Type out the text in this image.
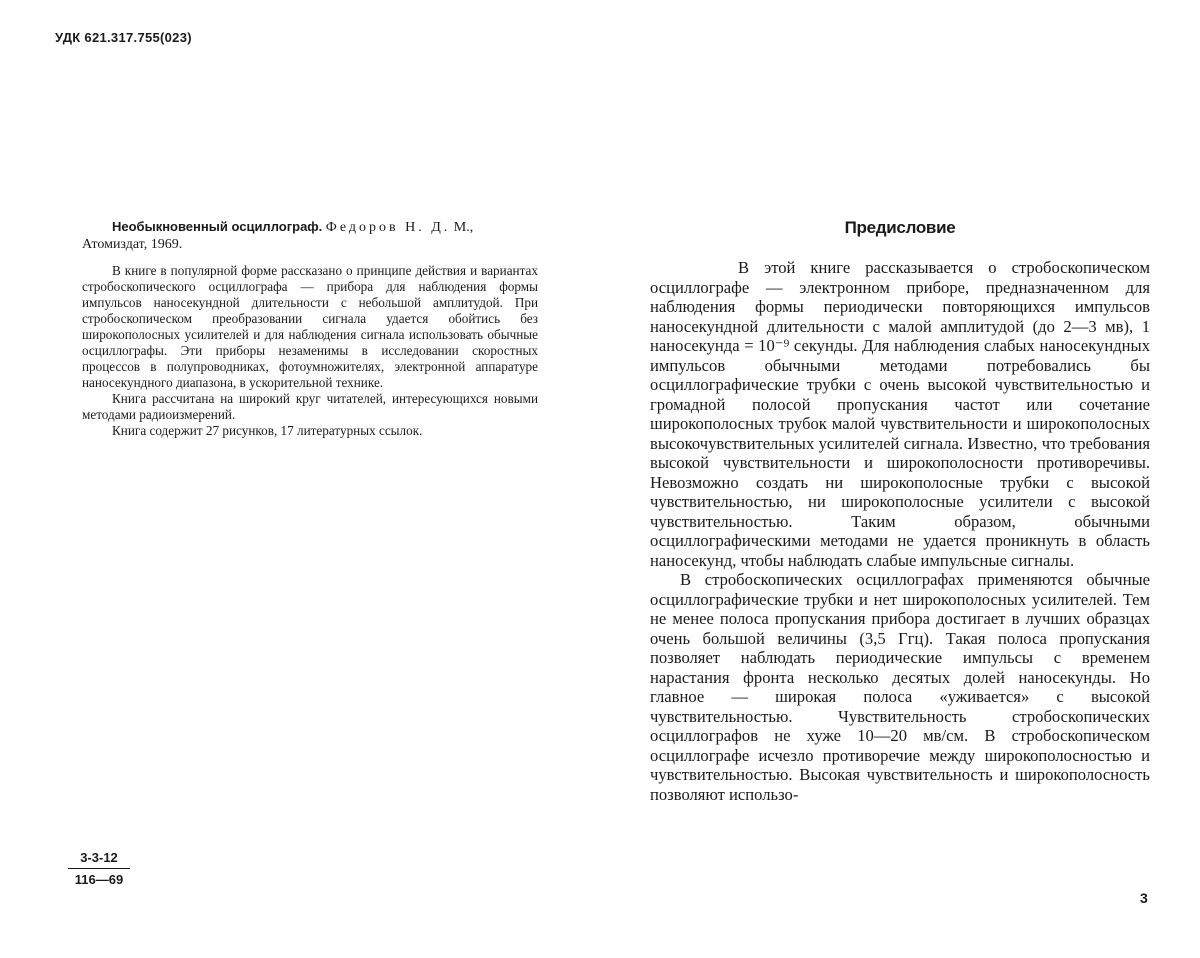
УДК 621.317.755(023)

Необыкновенный осциллограф. Федоров Н. Д. М., Атомиздат, 1969.

В книге в популярной форме рассказано о принципе действия и вариантах стробоскопического осциллографа — прибора для наблюдения формы импульсов наносекундной длительности с небольшой амплитудой. При стробоскопическом преобразовании сигнала удается обойтись без широкополосных усилителей и для наблюдения сигнала использовать обычные осциллографы. Эти приборы незаменимы в исследовании скоростных процессов в полупроводниках, фотоумножителях, электронной аппаратуре наносекундного диапазона, в ускорительной технике.

Книга рассчитана на широкий круг читателей, интересующихся новыми методами радиоизмерений.

Книга содержит 27 рисунков, 17 литературных ссылок.

$\frac{3-3-12}{116—69}$
Предисловие

В этой книге рассказывается о стробоскопическом осциллографе — электронном приборе, предназначенном для наблюдения формы периодически повторяющихся импульсов наносекундной длительности с малой амплитудой (до 2—3 мв), 1 наносекунда = 10⁻⁹ секунды. Для наблюдения слабых наносекундных импульсов обычными методами потребовались бы осциллографические трубки с очень высокой чувствительностью и громадной полосой пропускания частот или сочетание широкополосных трубок малой чувствительности и широкополосных высокочувствительных усилителей сигнала. Известно, что требования высокой чувствительности и широкополосности противоречивы. Невозможно создать ни широкополосные трубки с высокой чувствительностью, ни широкополосные усилители с высокой чувствительностью. Таким образом, обычными осциллографическими методами не удается проникнуть в область наносекунд, чтобы наблюдать слабые импульсные сигналы.

В стробоскопических осциллографах применяются обычные осциллографические трубки и нет широкополосных усилителей. Тем не менее полоса пропускания прибора достигает в лучших образцах очень большой величины (3,5 Ггц). Такая полоса пропускания позволяет наблюдать периодические импульсы с временем нарастания фронта несколько десятых долей наносекунды. Но главное — широкая полоса «уживается» с высокой чувствительностью. Чувствительность стробоскопических осциллографов не хуже 10—20 мв/см. В стробоскопическом осциллографе исчезло противоречие между широкополосностью и чувствительностью. Высокая чувствительность и широкополосность позволяют использо-

3
